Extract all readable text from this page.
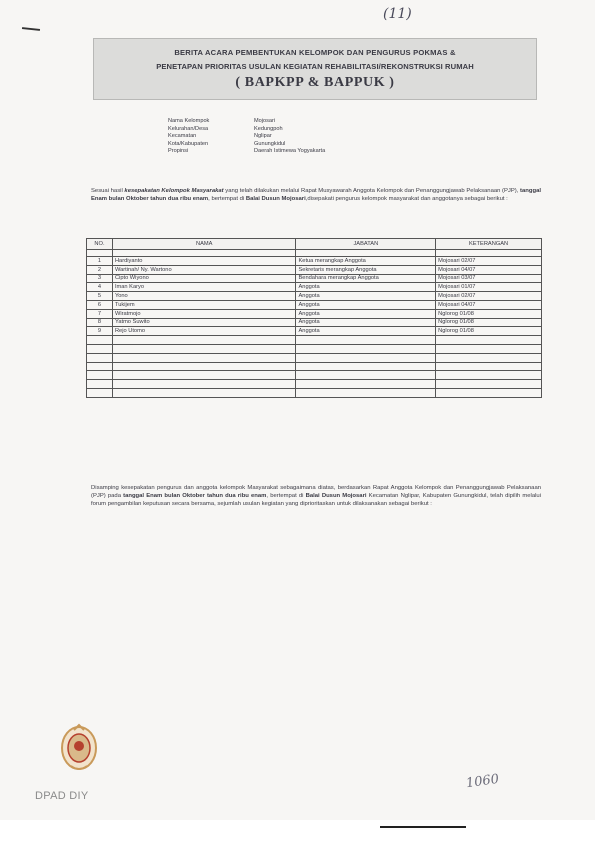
(11)
BERITA ACARA PEMBENTUKAN KELOMPOK DAN PENGURUS POKMAS &
PENETAPAN PRIORITAS USULAN KEGIATAN REHABILITASI/REKONSTRUKSI RUMAH
( BAPKPP & BAPPUK )
Nama Kelompok	Mojosari
Kelurahan/Desa	Kedungpoh
Kecamatan	Nglipar
Kota/Kabupaten	Gunungkidul
Propinsi	Daerah Istimewa Yogyakarta

Sesuai hasil kesepakatan Kelompok Masyarakat yang telah dilakukan melalui Rapat Musyawarah Anggota Kelompok dan Penanggungjawab Pelaksanaan (PJP), tanggal Enam bulan Oktober tahun dua ribu enam, bertempat di Balai Dusun Mojosari,disepakati pengurus kelompok masyarakat dan anggotanya sebagai berikut :

NO.	NAMA	JABATAN	KETERANGAN

1	Hardiyanto	Ketua merangkap Anggota	Mojosari 02/07
2	Wartinah/ Ny. Wartono	Sekretaris merangkap Anggota	Mojosari 04/07
3	Cipto Wiyono	Bendahara merangkap Anggota	Mojosari 03/07
4	Iman Karyo	Anggota	Mojosari 01/07
5	Yono	Anggota	Mojosari 02/07
6	Tukijem	Anggota	Mojosari 04/07
7	Wiratmojo	Anggota	Nglorog 01/08
8	Yatmo Suwito	Anggota	Nglorog 01/08
9	Rejo Utomo	Anggota	Nglorog 01/08

Disamping kesepakatan pengurus dan anggota kelompok Masyarakat sebagaimana diatas, berdasarkan Rapat Anggota Kelompok dan Penanggungjawab Pelaksanaan (PJP) pada tanggal Enam bulan Oktober tahun dua ribu enam, bertempat di Balai Dusun Mojosari Kecamatan Nglipar, Kabupaten Gunungkidul, telah dipilih melalui forum pengambilan keputusan secara bersama, sejumlah usulan kegiatan yang diprioritaskan untuk dilaksanakan sebagai berikut :

DPAD DIY
1060
